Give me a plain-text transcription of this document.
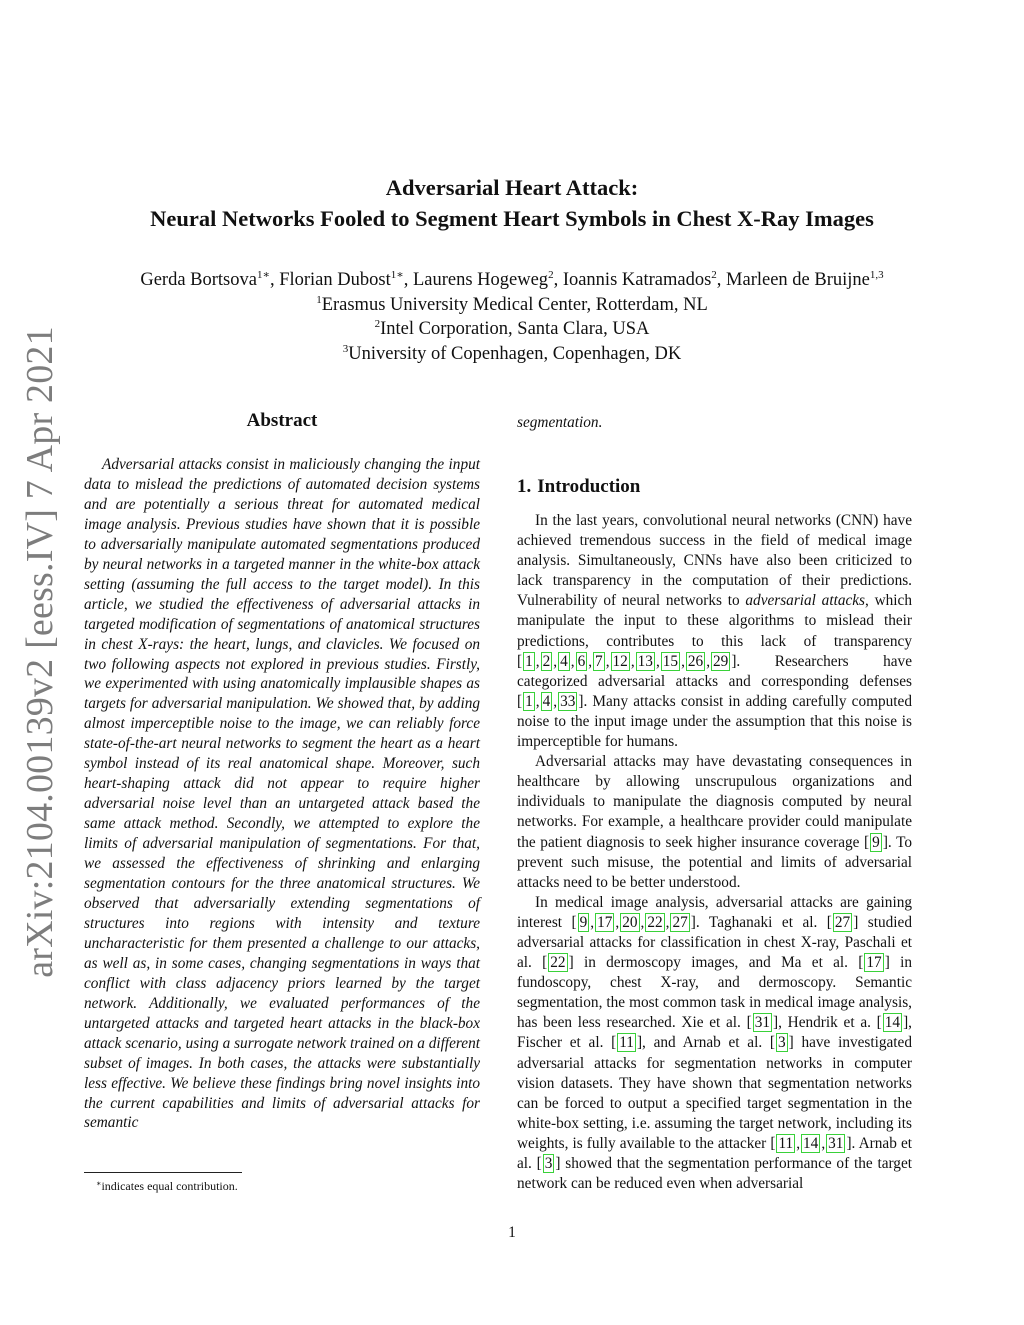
arXiv:2104.00139v2 [eess.IV] 7 Apr 2021
Adversarial Heart Attack:
Neural Networks Fooled to Segment Heart Symbols in Chest X-Ray Images
Gerda Bortsova$^{1∗}$, Florian Dubost$^{1∗}$, Laurens Hogeweg$^2$, Ioannis Katramados$^2$, Marleen de Bruijne$^{1,3}$
$^1$Erasmus University Medical Center, Rotterdam, NL
$^2$Intel Corporation, Santa Clara, USA
$^3$University of Copenhagen, Copenhagen, DK
Abstract
Adversarial attacks consist in maliciously changing the input data to mislead the predictions of automated decision systems and are potentially a serious threat for automated medical image analysis. Previous studies have shown that it is possible to adversarially manipulate automated segmentations produced by neural networks in a targeted manner in the white-box attack setting (assuming the full access to the target model). In this article, we studied the effectiveness of adversarial attacks in targeted modification of segmentations of anatomical structures in chest X-rays: the heart, lungs, and clavicles. We focused on two following aspects not explored in previous studies. Firstly, we experimented with using anatomically implausible shapes as targets for adversarial manipulation. We showed that, by adding almost imperceptible noise to the image, we can reliably force state-of-the-art neural networks to segment the heart as a heart symbol instead of its real anatomical shape. Moreover, such heart-shaping attack did not appear to require higher adversarial noise level than an untargeted attack based the same attack method. Secondly, we attempted to explore the limits of adversarial manipulation of segmentations. For that, we assessed the effectiveness of shrinking and enlarging segmentation contours for the three anatomical structures. We observed that adversarially extending segmentations of structures into regions with intensity and texture uncharacteristic for them presented a challenge to our attacks, as well as, in some cases, changing segmentations in ways that conflict with class adjacency priors learned by the target network. Additionally, we evaluated performances of the untargeted attacks and targeted heart attacks in the black-box attack scenario, using a surrogate network trained on a different subset of images. In both cases, the attacks were substantially less effective. We believe these findings bring novel insights into the current capabilities and limits of adversarial attacks for semantic
segmentation.
∗indicates equal contribution.
1. Introduction

In the last years, convolutional neural networks (CNN) have achieved tremendous success in the field of medical image analysis. Simultaneously, CNNs have also been criticized to lack transparency in the computation of their predictions. Vulnerability of neural networks to adversarial attacks, which manipulate the input to these algorithms to mislead their predictions, contributes to this lack of transparency [ 1 , 2 , 4 , 6 , 7 , 12 , 13 , 15 , 26 , 29 ]. Researchers have categorized adversarial attacks and corresponding defenses [ 1 , 4 , 33 ]. Many attacks consist in adding carefully computed noise to the input image under the assumption that this noise is imperceptible for humans.

Adversarial attacks may have devastating consequences in healthcare by allowing unscrupulous organizations and individuals to manipulate the diagnosis computed by neural networks. For example, a healthcare provider could manipulate the patient diagnosis to seek higher insurance coverage [ 9 ]. To prevent such misuse, the potential and limits of adversarial attacks need to be better understood.

In medical image analysis, adversarial attacks are gaining interest [ 9 , 17 , 20 , 22 , 27 ]. Taghanaki et al. [ 27 ] studied adversarial attacks for classification in chest X-ray, Paschali et al. [ 22 ] in dermoscopy images, and Ma et al. [ 17 ] in fundoscopy, chest X-ray, and dermoscopy. Semantic segmentation, the most common task in medical image analysis, has been less researched. Xie et al. [ 31 ], Hendrik et a. [ 14 ], Fischer et al. [ 11 ], and Arnab et al. [ 3 ] have investigated adversarial attacks for segmentation networks in computer vision datasets. They have shown that segmentation networks can be forced to output a specified target segmentation in the white-box setting, i.e. assuming the target network, including its weights, is fully available to the attacker [ 11 , 14 , 31 ]. Arnab et al. [ 3 ] showed that the segmentation performance of the target network can be reduced even when adversarial

1
